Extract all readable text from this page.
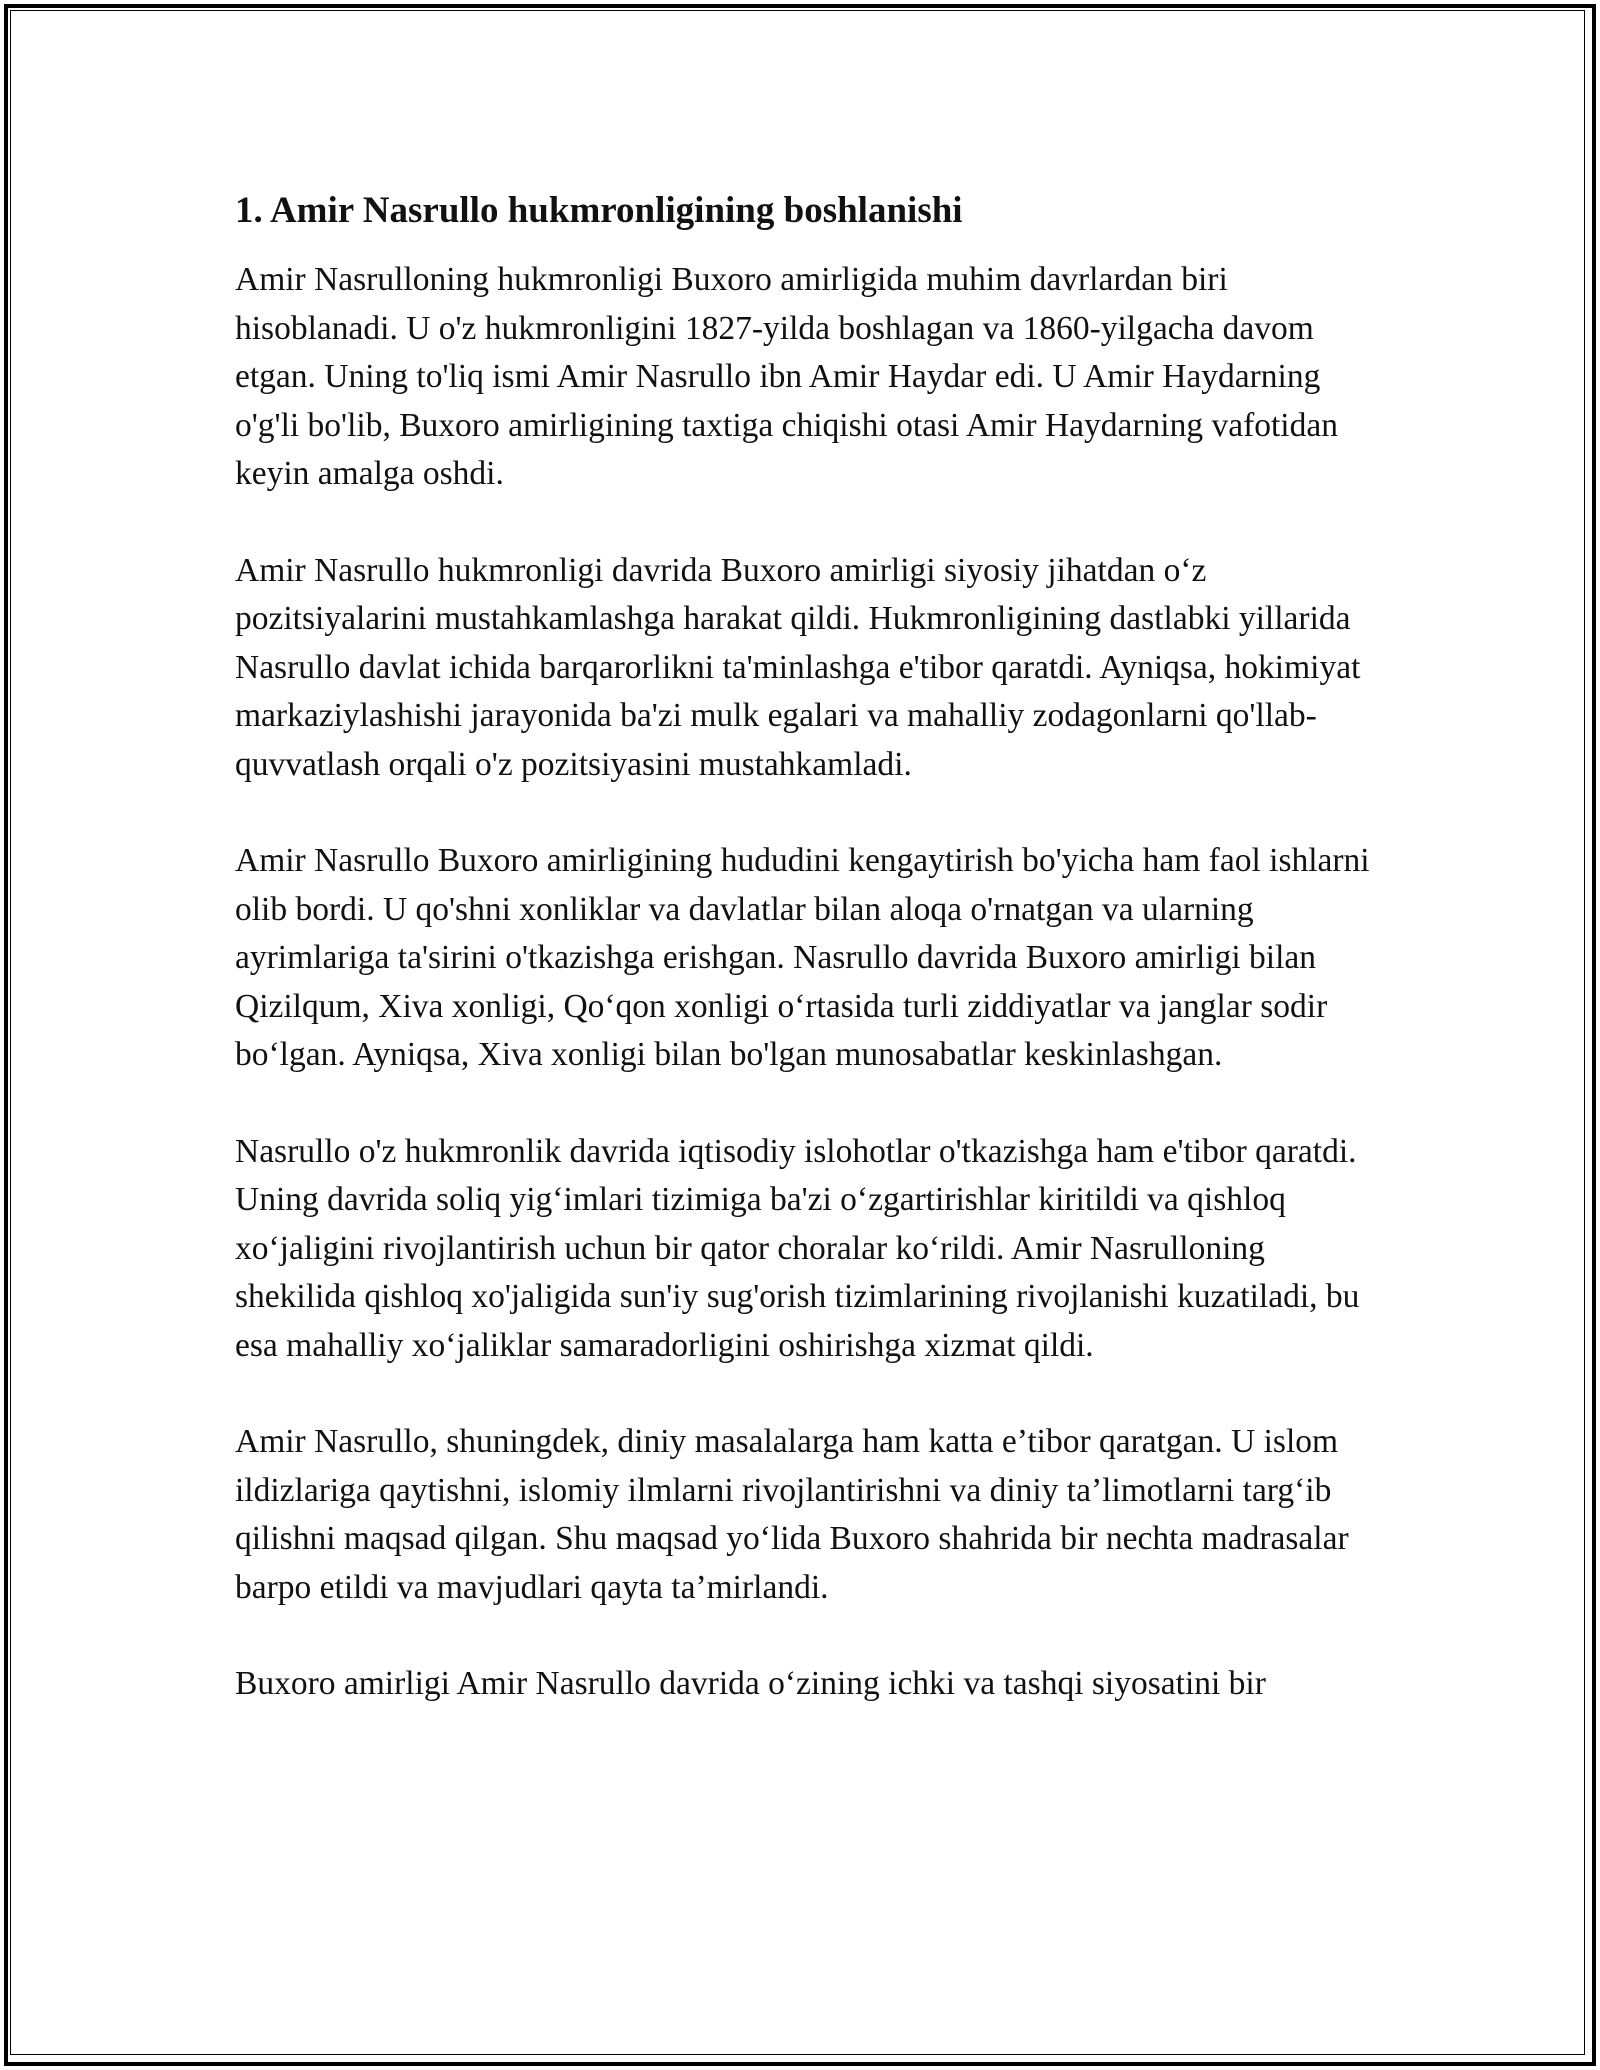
1. Amir Nasrullo hukmronligining boshlanishi

Amir Nasrulloning hukmronligi Buxoro amirligida muhim davrlardan biri hisoblanadi. U o'z hukmronligini 1827-yilda boshlagan va 1860-yilgacha davom etgan. Uning to'liq ismi Amir Nasrullo ibn Amir Haydar edi. U Amir Haydarning o'g'li bo'lib, Buxoro amirligining taxtiga chiqishi otasi Amir Haydarning vafotidan keyin amalga oshdi.

Amir Nasrullo hukmronligi davrida Buxoro amirligi siyosiy jihatdan o‘z pozitsiyalarini mustahkamlashga harakat qildi. Hukmronligining dastlabki yillarida Nasrullo davlat ichida barqarorlikni ta'minlashga e'tibor qaratdi. Ayniqsa, hokimiyat markaziylashishi jarayonida ba'zi mulk egalari va mahalliy zodagonlarni qo'llab-quvvatlash orqali o'z pozitsiyasini mustahkamladi.

Amir Nasrullo Buxoro amirligining hududini kengaytirish bo'yicha ham faol ishlarni olib bordi. U qo'shni xonliklar va davlatlar bilan aloqa o'rnatgan va ularning ayrimlariga ta'sirini o'tkazishga erishgan. Nasrullo davrida Buxoro amirligi bilan Qizilqum, Xiva xonligi, Qo‘qon xonligi o‘rtasida turli ziddiyatlar va janglar sodir bo‘lgan. Ayniqsa, Xiva xonligi bilan bo'lgan munosabatlar keskinlashgan.

Nasrullo o'z hukmronlik davrida iqtisodiy islohotlar o'tkazishga ham e'tibor qaratdi. Uning davrida soliq yig‘imlari tizimiga ba'zi o‘zgartirishlar kiritildi va qishloq xo‘jaligini rivojlantirish uchun bir qator choralar ko‘rildi. Amir Nasrulloning shekilida qishloq xo'jaligida sun'iy sug'orish tizimlarining rivojlanishi kuzatiladi, bu esa mahalliy xo‘jaliklar samaradorligini oshirishga xizmat qildi.

Amir Nasrullo, shuningdek, diniy masalalarga ham katta e’tibor qaratgan. U islom ildizlariga qaytishni, islomiy ilmlarni rivojlantirishni va diniy ta’limotlarni targ‘ib qilishni maqsad qilgan. Shu maqsad yo‘lida Buxoro shahrida bir nechta madrasalar barpo etildi va mavjudlari qayta ta’mirlandi.

Buxoro amirligi Amir Nasrullo davrida o‘zining ichki va tashqi siyosatini bir
